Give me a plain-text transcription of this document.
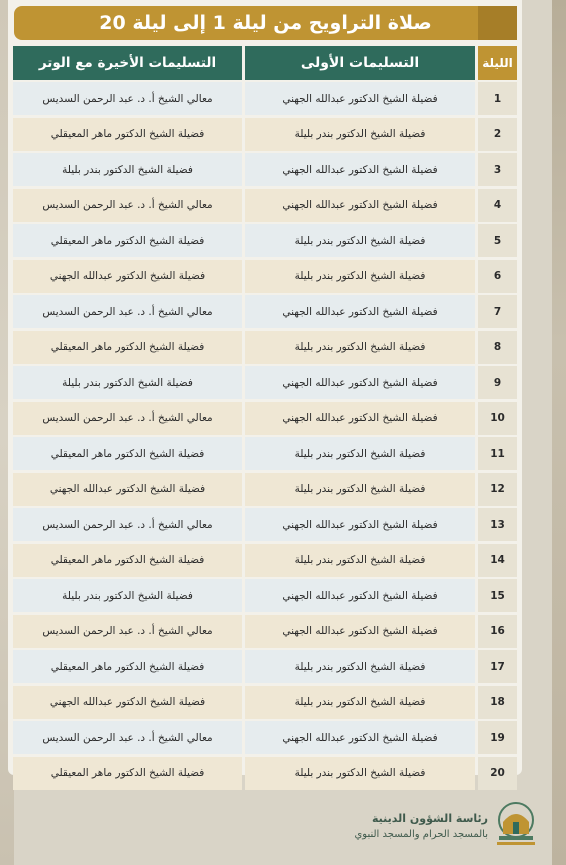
صلاة التراويح من ليلة 1 إلى ليلة 20
التسليمات الأخيرة مع الوتر	التسليمات الأولى	الليلة
معالي الشيخ أ. د. عبد الرحمن السديس	فضيلة الشيخ الدكتور عبدالله الجهني	1
فضيلة الشيخ الدكتور ماهر المعيقلي	فضيلة الشيخ الدكتور بندر بليلة	2
فضيلة الشيخ الدكتور بندر بليلة	فضيلة الشيخ الدكتور عبدالله الجهني	3
معالي الشيخ أ. د. عبد الرحمن السديس	فضيلة الشيخ الدكتور عبدالله الجهني	4
فضيلة الشيخ الدكتور ماهر المعيقلي	فضيلة الشيخ الدكتور بندر بليلة	5
فضيلة الشيخ الدكتور عبدالله الجهني	فضيلة الشيخ الدكتور بندر بليلة	6
معالي الشيخ أ. د. عبد الرحمن السديس	فضيلة الشيخ الدكتور عبدالله الجهني	7
فضيلة الشيخ الدكتور ماهر المعيقلي	فضيلة الشيخ الدكتور بندر بليلة	8
فضيلة الشيخ الدكتور بندر بليلة	فضيلة الشيخ الدكتور عبدالله الجهني	9
معالي الشيخ أ. د. عبد الرحمن السديس	فضيلة الشيخ الدكتور عبدالله الجهني	10
فضيلة الشيخ الدكتور ماهر المعيقلي	فضيلة الشيخ الدكتور بندر بليلة	11
فضيلة الشيخ الدكتور عبدالله الجهني	فضيلة الشيخ الدكتور بندر بليلة	12
معالي الشيخ أ. د. عبد الرحمن السديس	فضيلة الشيخ الدكتور عبدالله الجهني	13
فضيلة الشيخ الدكتور ماهر المعيقلي	فضيلة الشيخ الدكتور بندر بليلة	14
فضيلة الشيخ الدكتور بندر بليلة	فضيلة الشيخ الدكتور عبدالله الجهني	15
معالي الشيخ أ. د. عبد الرحمن السديس	فضيلة الشيخ الدكتور عبدالله الجهني	16
فضيلة الشيخ الدكتور ماهر المعيقلي	فضيلة الشيخ الدكتور بندر بليلة	17
فضيلة الشيخ الدكتور عبدالله الجهني	فضيلة الشيخ الدكتور بندر بليلة	18
معالي الشيخ أ. د. عبد الرحمن السديس	فضيلة الشيخ الدكتور عبدالله الجهني	19
فضيلة الشيخ الدكتور ماهر المعيقلي	فضيلة الشيخ الدكتور بندر بليلة	20
رئاسة الشؤون الدينية
بالمسجد الحرام والمسجد النبوي
